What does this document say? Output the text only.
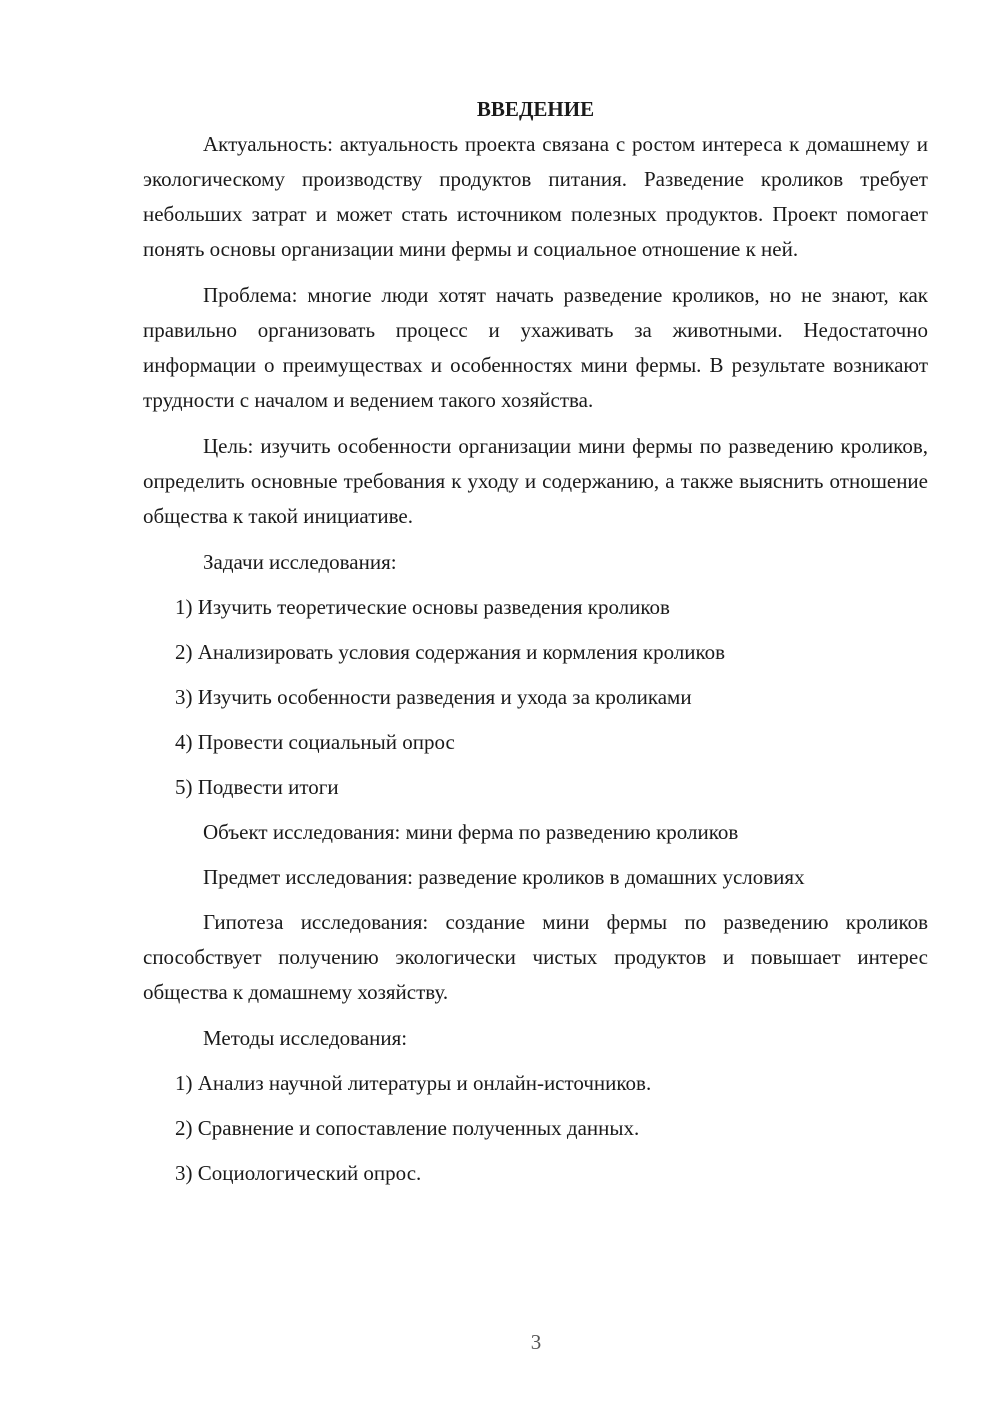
ВВЕДЕНИЕ

Актуальность: актуальность проекта связана с ростом интереса к домашнему и экологическому производству продуктов питания. Разведение кроликов требует небольших затрат и может стать источником полезных продуктов. Проект помогает понять основы организации мини фермы и социальное отношение к ней.

Проблема: многие люди хотят начать разведение кроликов, но не знают, как правильно организовать процесс и ухаживать за животными. Недостаточно информации о преимуществах и особенностях мини фермы. В результате возникают трудности с началом и ведением такого хозяйства.

Цель: изучить особенности организации мини фермы по разведению кроликов, определить основные требования к уходу и содержанию, а также выяснить отношение общества к такой инициативе.

Задачи исследования:

1) Изучить теоретические основы разведения кроликов
2) Анализировать условия содержания и кормления кроликов
3) Изучить особенности разведения и ухода за кроликами
4) Провести социальный опрос
5) Подвести итоги

Объект исследования: мини ферма по разведению кроликов

Предмет исследования: разведение кроликов в домашних условиях

Гипотеза исследования: создание мини фермы по разведению кроликов способствует получению экологически чистых продуктов и повышает интерес общества к домашнему хозяйству.

Методы исследования:

1) Анализ научной литературы и онлайн-источников.
2) Сравнение и сопоставление полученных данных.
3) Социологический опрос.
3
